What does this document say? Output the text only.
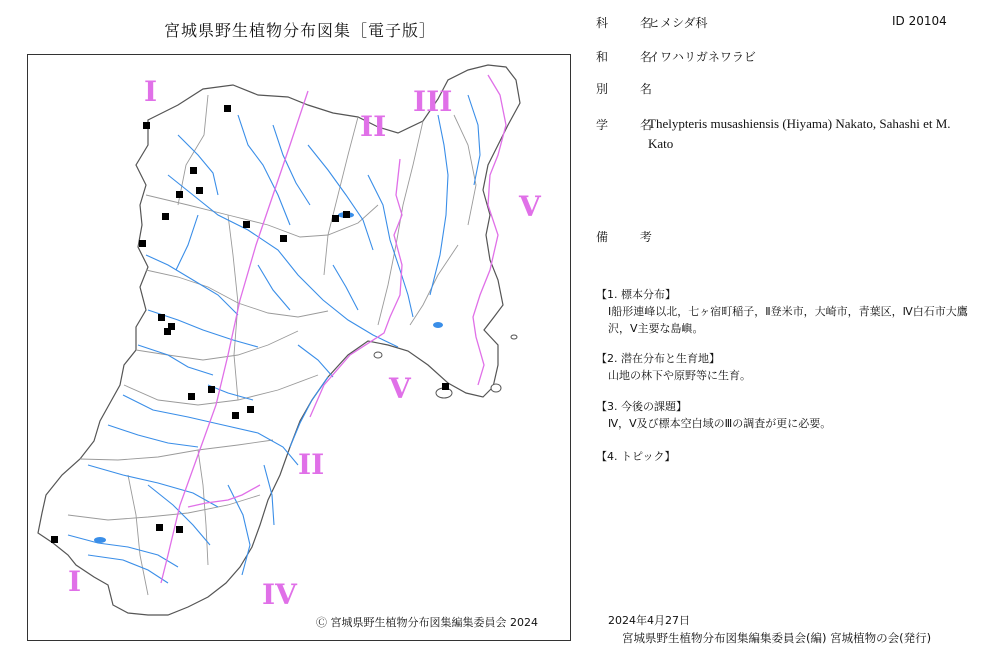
宮城県野生植物分布図集［電子版］
I
II
III
V
V
II
I	IV
Ⓒ 宮城県野生植物分布図集編集委員会 2024
科 名
ヒメシダ科	ID 20104
和 名
イワハリガネワラビ
別 名
学 名
Thelypteris musashiensis (Hiyama) Nakato, Sahashi et M. Kato
備 考
【1. 標本分布】
Ⅰ船形連峰以北，七ヶ宿町稲子，Ⅱ登米市，大崎市，青葉区，Ⅳ白石市大鷹沢，Ⅴ主要な島嶼。
【2. 潜在分布と生育地】
山地の林下や原野等に生育。
【3. 今後の課題】
Ⅳ，Ⅴ及び標本空白域のⅢの調査が更に必要。
【4. トピック】
2024年4月27日
宮城県野生植物分布図集編集委員会(編) 宮城植物の会(発行)
